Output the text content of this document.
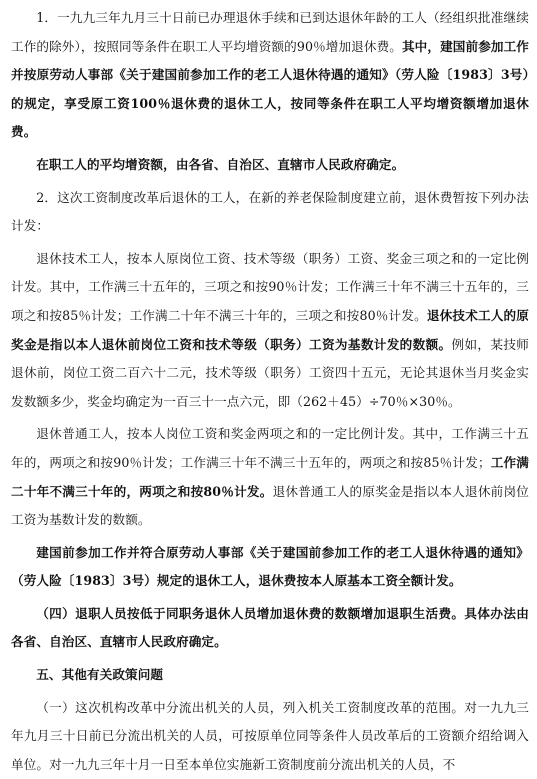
1．一九九三年九月三十日前已办理退休手续和已到达退休年龄的工人（经组织批准继续工作的除外），按照同等条件在职工人平均增资额的90％增加退休费。其中，建国前参加工作并按原劳动人事部《关于建国前参加工作的老工人退休待遇的通知》（劳人险〔1983〕3号）的规定，享受原工资100％退休费的退休工人，按同等条件在职工人平均增资额增加退休费。

在职工人的平均增资额，由各省、自治区、直辖市人民政府确定。

2．这次工资制度改革后退休的工人，在新的养老保险制度建立前，退休费暂按下列办法计发：

退休技术工人，按本人原岗位工资、技术等级（职务）工资、奖金三项之和的一定比例计发。其中，工作满三十五年的，三项之和按90％计发；工作满三十年不满三十五年的，三项之和按85％计发；工作满二十年不满三十年的，三项之和按80％计发。退休技术工人的原奖金是指以本人退休前岗位工资和技术等级（职务）工资为基数计发的数额。例如，某技师退休前，岗位工资二百六十二元，技术等级（职务）工资四十五元，无论其退休当月奖金实发数额多少，奖金均确定为一百三十一点六元，即（262＋45）÷70％×30％。

退休普通工人，按本人岗位工资和奖金两项之和的一定比例计发。其中，工作满三十五年的，两项之和按90％计发；工作满三十年不满三十五年的，两项之和按85％计发；工作满二十年不满三十年的，两项之和按80％计发。退休普通工人的原奖金是指以本人退休前岗位工资为基数计发的数额。

建国前参加工作并符合原劳动人事部《关于建国前参加工作的老工人退休待遇的通知》（劳人险〔1983〕3号）规定的退休工人，退休费按本人原基本工资全额计发。

（四）退职人员按低于同职务退休人员增加退休费的数额增加退职生活费。具体办法由各省、自治区、直辖市人民政府确定。

五、其他有关政策问题

（一）这次机构改革中分流出机关的人员，列入机关工资制度改革的范围。对一九九三年九月三十日前已分流出机关的人员，可按原单位同等条件人员改革后的工资额介绍给调入单位。对一九九三年十月一日至本单位实施新工资制度前分流出机关的人员，不
